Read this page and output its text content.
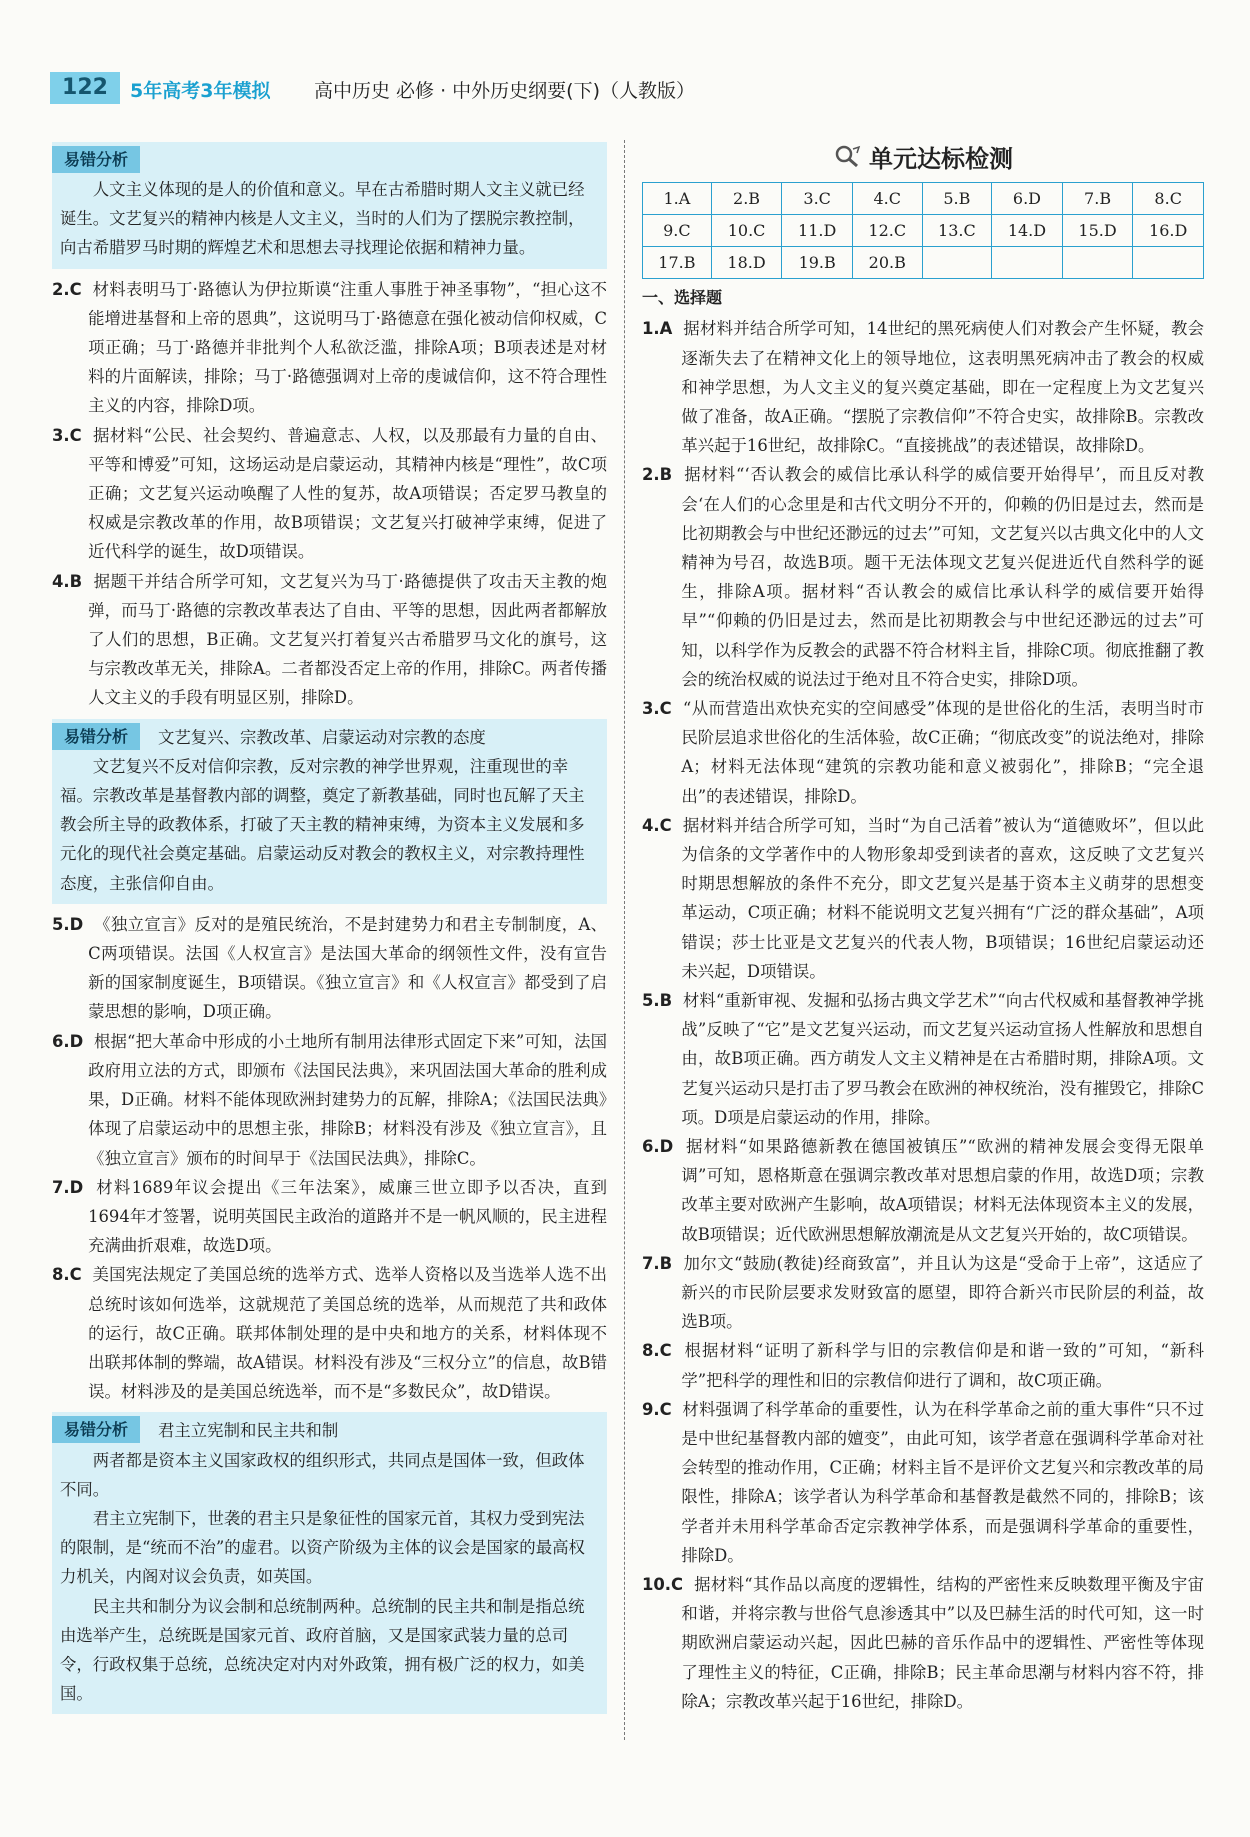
122	5年高考3年模拟 高中历史 必修 · 中外历史纲要(下)（人教版）
易错分析

人文主义体现的是人的价值和意义。早在古希腊时期人文主义就已经诞生。文艺复兴的精神内核是人文主义，当时的人们为了摆脱宗教控制，向古希腊罗马时期的辉煌艺术和思想去寻找理论依据和精神力量。

2.C 材料表明马丁·路德认为伊拉斯谟“注重人事胜于神圣事物”，“担心这不能增进基督和上帝的恩典”，这说明马丁·路德意在强化被动信仰权威，C项正确；马丁·路德并非批判个人私欲泛滥，排除A项；B项表述是对材料的片面解读，排除；马丁·路德强调对上帝的虔诚信仰，这不符合理性主义的内容，排除D项。

3.C 据材料“公民、社会契约、普遍意志、人权，以及那最有力量的自由、平等和博爱”可知，这场运动是启蒙运动，其精神内核是“理性”，故C项正确；文艺复兴运动唤醒了人性的复苏，故A项错误；否定罗马教皇的权威是宗教改革的作用，故B项错误；文艺复兴打破神学束缚，促进了近代科学的诞生，故D项错误。

4.B 据题干并结合所学可知，文艺复兴为马丁·路德提供了攻击天主教的炮弹，而马丁·路德的宗教改革表达了自由、平等的思想，因此两者都解放了人们的思想，B正确。文艺复兴打着复兴古希腊罗马文化的旗号，这与宗教改革无关，排除A。二者都没否定上帝的作用，排除C。两者传播人文主义的手段有明显区别，排除D。

易错分析	文艺复兴、宗教改革、启蒙运动对宗教的态度

文艺复兴不反对信仰宗教，反对宗教的神学世界观，注重现世的幸福。宗教改革是基督教内部的调整，奠定了新教基础，同时也瓦解了天主教会所主导的政教体系，打破了天主教的精神束缚，为资本主义发展和多元化的现代社会奠定基础。启蒙运动反对教会的教权主义，对宗教持理性态度，主张信仰自由。

5.D 《独立宣言》反对的是殖民统治，不是封建势力和君主专制制度，A、C两项错误。法国《人权宣言》是法国大革命的纲领性文件，没有宣告新的国家制度诞生，B项错误。《独立宣言》和《人权宣言》都受到了启蒙思想的影响，D项正确。

6.D 根据“把大革命中形成的小土地所有制用法律形式固定下来”可知，法国政府用立法的方式，即颁布《法国民法典》，来巩固法国大革命的胜利成果，D正确。材料不能体现欧洲封建势力的瓦解，排除A；《法国民法典》体现了启蒙运动中的思想主张，排除B；材料没有涉及《独立宣言》，且《独立宣言》颁布的时间早于《法国民法典》，排除C。

7.D 材料1689年议会提出《三年法案》，威廉三世立即予以否决，直到1694年才签署，说明英国民主政治的道路并不是一帆风顺的，民主进程充满曲折艰难，故选D项。

8.C 美国宪法规定了美国总统的选举方式、选举人资格以及当选举人选不出总统时该如何选举，这就规范了美国总统的选举，从而规范了共和政体的运行，故C正确。联邦体制处理的是中央和地方的关系，材料体现不出联邦体制的弊端，故A错误。材料没有涉及“三权分立”的信息，故B错误。材料涉及的是美国总统选举，而不是“多数民众”，故D错误。

易错分析	君主立宪制和民主共和制

两者都是资本主义国家政权的组织形式，共同点是国体一致，但政体不同。

君主立宪制下，世袭的君主只是象征性的国家元首，其权力受到宪法的限制，是“统而不治”的虚君。以资产阶级为主体的议会是国家的最高权力机关，内阁对议会负责，如英国。

民主共和制分为议会制和总统制两种。总统制的民主共和制是指总统由选举产生，总统既是国家元首、政府首脑，又是国家武装力量的总司令，行政权集于总统，总统决定对内对外政策，拥有极广泛的权力，如美国。

单元达标检测
1.A	2.B	3.C	4.C	5.B	6.D	7.B	8.C
9.C	10.C	11.D	12.C	13.C	14.D	15.D	16.D
17.B	18.D	19.B	20.B				
一、选择题

1.A 据材料并结合所学可知，14世纪的黑死病使人们对教会产生怀疑，教会逐渐失去了在精神文化上的领导地位，这表明黑死病冲击了教会的权威和神学思想，为人文主义的复兴奠定基础，即在一定程度上为文艺复兴做了准备，故A正确。“摆脱了宗教信仰”不符合史实，故排除B。宗教改革兴起于16世纪，故排除C。“直接挑战”的表述错误，故排除D。

2.B 据材料“‘否认教会的威信比承认科学的威信要开始得早’，而且反对教会‘在人们的心念里是和古代文明分不开的，仰赖的仍旧是过去，然而是比初期教会与中世纪还渺远的过去’”可知，文艺复兴以古典文化中的人文精神为号召，故选B项。题干无法体现文艺复兴促进近代自然科学的诞生，排除A项。据材料“否认教会的威信比承认科学的威信要开始得早”“仰赖的仍旧是过去，然而是比初期教会与中世纪还渺远的过去”可知，以科学作为反教会的武器不符合材料主旨，排除C项。彻底推翻了教会的统治权威的说法过于绝对且不符合史实，排除D项。

3.C “从而营造出欢快充实的空间感受”体现的是世俗化的生活，表明当时市民阶层追求世俗化的生活体验，故C正确；“彻底改变”的说法绝对，排除A；材料无法体现“建筑的宗教功能和意义被弱化”，排除B；“完全退出”的表述错误，排除D。

4.C 据材料并结合所学可知，当时“为自己活着”被认为“道德败坏”，但以此为信条的文学著作中的人物形象却受到读者的喜欢，这反映了文艺复兴时期思想解放的条件不充分，即文艺复兴是基于资本主义萌芽的思想变革运动，C项正确；材料不能说明文艺复兴拥有“广泛的群众基础”，A项错误；莎士比亚是文艺复兴的代表人物，B项错误；16世纪启蒙运动还未兴起，D项错误。

5.B 材料“重新审视、发掘和弘扬古典文学艺术”“向古代权威和基督教神学挑战”反映了“它”是文艺复兴运动，而文艺复兴运动宣扬人性解放和思想自由，故B项正确。西方萌发人文主义精神是在古希腊时期，排除A项。文艺复兴运动只是打击了罗马教会在欧洲的神权统治，没有摧毁它，排除C项。D项是启蒙运动的作用，排除。

6.D 据材料“如果路德新教在德国被镇压”“欧洲的精神发展会变得无限单调”可知，恩格斯意在强调宗教改革对思想启蒙的作用，故选D项；宗教改革主要对欧洲产生影响，故A项错误；材料无法体现资本主义的发展，故B项错误；近代欧洲思想解放潮流是从文艺复兴开始的，故C项错误。

7.B 加尔文“鼓励(教徒)经商致富”，并且认为这是“受命于上帝”，这适应了新兴的市民阶层要求发财致富的愿望，即符合新兴市民阶层的利益，故选B项。

8.C 根据材料“证明了新科学与旧的宗教信仰是和谐一致的”可知，“新科学”把科学的理性和旧的宗教信仰进行了调和，故C项正确。

9.C 材料强调了科学革命的重要性，认为在科学革命之前的重大事件“只不过是中世纪基督教内部的嬗变”，由此可知，该学者意在强调科学革命对社会转型的推动作用，C正确；材料主旨不是评价文艺复兴和宗教改革的局限性，排除A；该学者认为科学革命和基督教是截然不同的，排除B；该学者并未用科学革命否定宗教神学体系，而是强调科学革命的重要性，排除D。

10.C 据材料“其作品以高度的逻辑性，结构的严密性来反映数理平衡及宇宙和谐，并将宗教与世俗气息渗透其中”以及巴赫生活的时代可知，这一时期欧洲启蒙运动兴起，因此巴赫的音乐作品中的逻辑性、严密性等体现了理性主义的特征，C正确，排除B；民主革命思潮与材料内容不符，排除A；宗教改革兴起于16世纪，排除D。
